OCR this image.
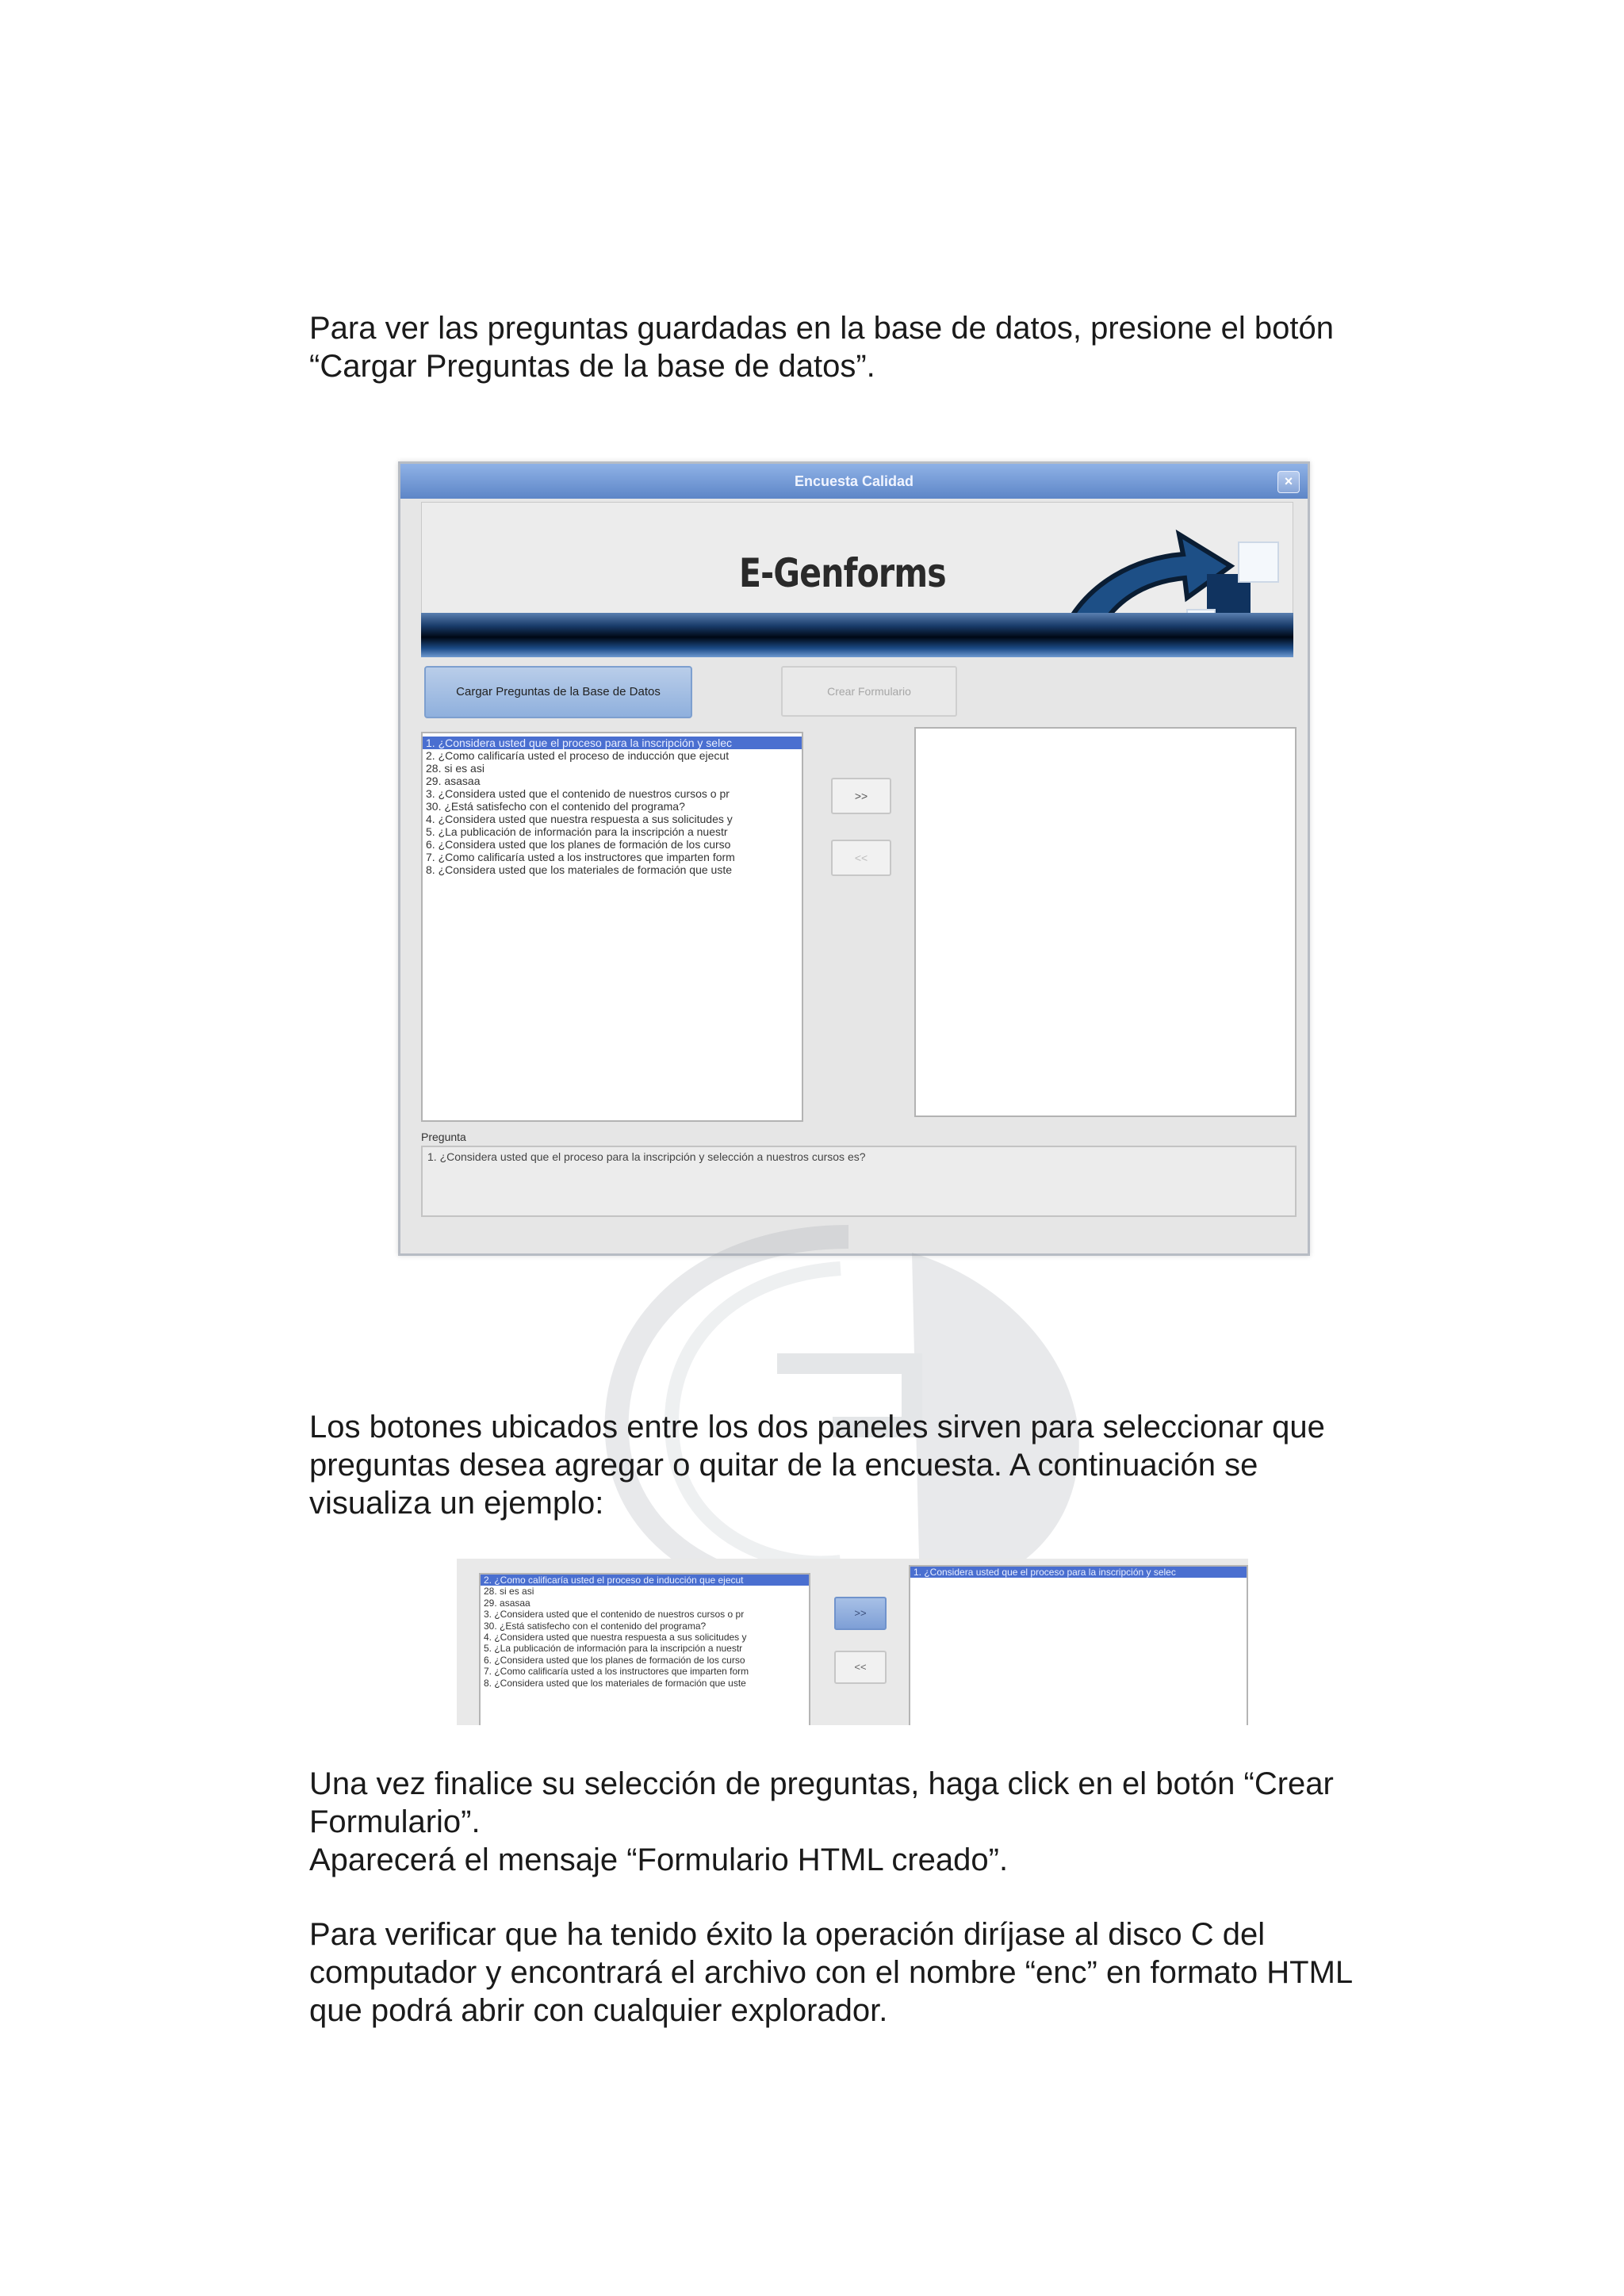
Para ver las preguntas guardadas en la base de datos, presione el botón
“Cargar Preguntas de la base de datos”.
Encuesta Calidad	×
E-Genforms
Cargar Preguntas de la Base de Datos	Crear Formulario
1. ¿Considera usted que el proceso para la inscripción y selec
2. ¿Como calificaría usted el proceso de inducción que ejecut
28. si es asi
29. asasaa
3. ¿Considera usted que el contenido de nuestros cursos o pr
30. ¿Está satisfecho con el contenido del programa?
4. ¿Considera usted que nuestra respuesta a sus solicitudes y
5. ¿La publicación de información para la inscripción a nuestr
6. ¿Considera usted que los planes de formación de los curso
7. ¿Como calificaría usted a los instructores que imparten form
8. ¿Considera usted que los materiales de formación que uste
>>
<<
Pregunta
1. ¿Considera usted que el proceso para la inscripción y selección a nuestros cursos es?
Los botones ubicados entre los dos paneles sirven para seleccionar que
preguntas desea agregar o quitar de la encuesta. A continuación se
visualiza un ejemplo:
2. ¿Como calificaría usted el proceso de inducción que ejecut
28. si es asi
29. asasaa
3. ¿Considera usted que el contenido de nuestros cursos o pr
30. ¿Está satisfecho con el contenido del programa?
4. ¿Considera usted que nuestra respuesta a sus solicitudes y
5. ¿La publicación de información para la inscripción a nuestr
6. ¿Considera usted que los planes de formación de los curso
7. ¿Como calificaría usted a los instructores que imparten form
8. ¿Considera usted que los materiales de formación que uste
>>
<<
1. ¿Considera usted que el proceso para la inscripción y selec
Una vez finalice su selección de preguntas, haga click en el botón “Crear
Formulario”.
Aparecerá el mensaje “Formulario HTML creado”.
Para verificar que ha tenido éxito la operación diríjase al disco C del
computador y encontrará el archivo con el nombre “enc” en formato HTML
que podrá abrir con cualquier explorador.
